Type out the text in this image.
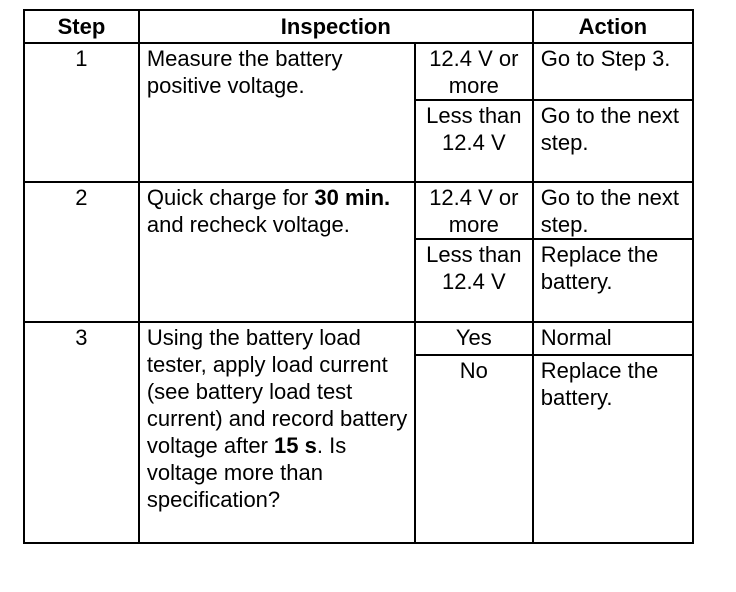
Step	Inspection		Action
1	Measure the battery positive voltage.	12.4 V or more	Go to Step 3.
		Less than 12.4 V	Go to the next step.
2	Quick charge for 30 min. and recheck voltage.	12.4 V or more	Go to the next step.
		Less than 12.4 V	Replace the battery.
3	Using the battery load tester, apply load current (see battery load test current) and record battery voltage after 15 s. Is voltage more than specification?	Yes	Normal
		No	Replace the battery.
